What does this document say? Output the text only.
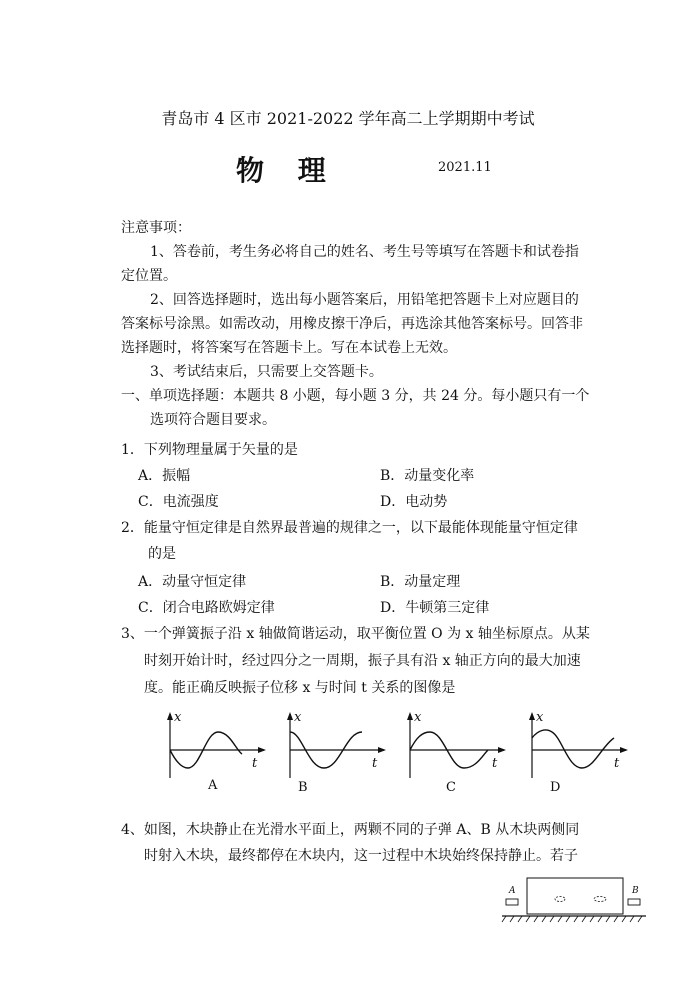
青岛市 4 区市 2021-2022 学年高二上学期期中考试
物 理	2021.11
注意事项：
1、答卷前，考生务必将自己的姓名、考生号等填写在答题卡和试卷指
定位置。
2、回答选择题时，选出每小题答案后，用铅笔把答题卡上对应题目的
答案标号涂黑。如需改动，用橡皮擦干净后，再选涂其他答案标号。回答非
选择题时，将答案写在答题卡上。写在本试卷上无效。
3、考试结束后，只需要上交答题卡。
一、单项选择题：本题共 8 小题，每小题 3 分，共 24 分。每小题只有一个
选项符合题目要求。
1．下列物理量属于矢量的是
A．振幅	B．动量变化率
C．电流强度	D．电动势
2．能量守恒定律是自然界最普遍的规律之一，以下最能体现能量守恒定律
的是
A．动量守恒定律	B．动量定理
C．闭合电路欧姆定律	D．牛顿第三定律
3、一个弹簧振子沿 x 轴做简谐运动，取平衡位置 O 为 x 轴坐标原点。从某
时刻开始计时，经过四分之一周期，振子具有沿 x 轴正方向的最大加速
度。能正确反映振子位移 x 与时间 t 关系的图像是
x
t
A
x
t
B
x
t
C
x
t
D
4、如图，木块静止在光滑水平面上，两颗不同的子弹 A、B 从木块两侧同
时射入木块，最终都停在木块内，这一过程中木块始终保持静止。若子
A	B
